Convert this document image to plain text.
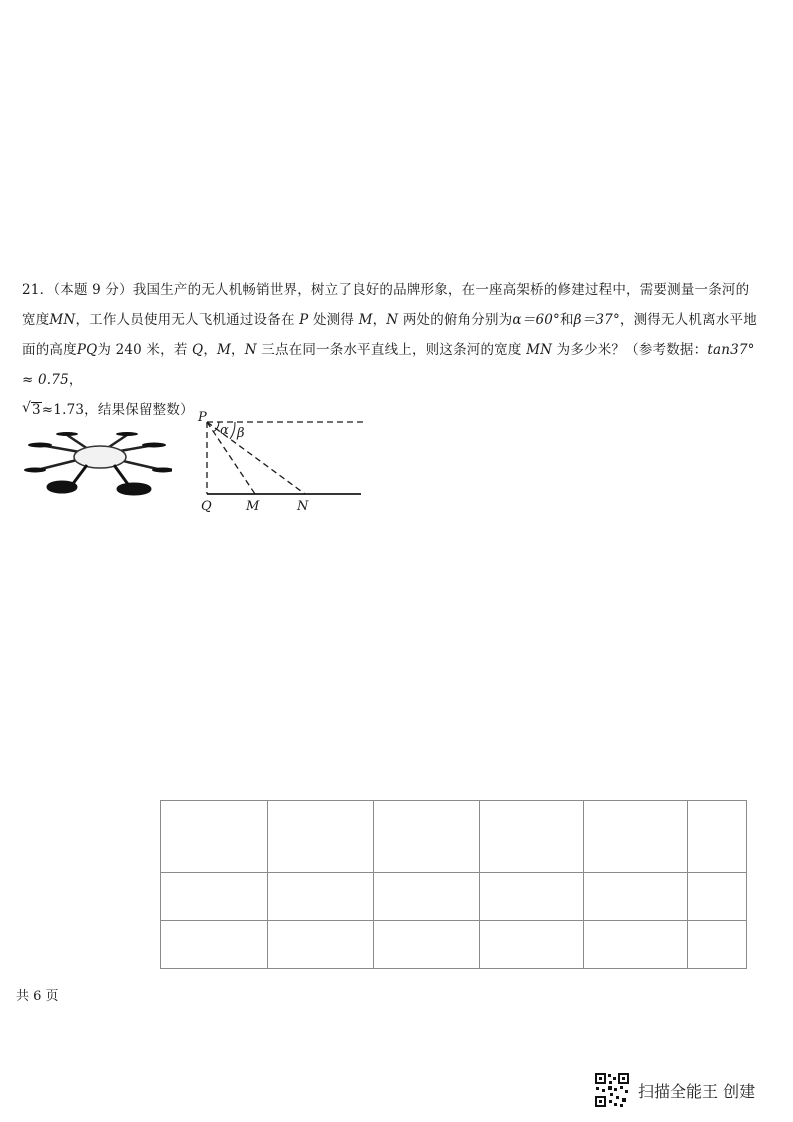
21．（本题 9 分）我国生产的无人机畅销世界，树立了良好的品牌形象，在一座高架桥的修建过程中，需要测量一条河的
宽度MN，工作人员使用无人飞机通过设备在 P 处测得 M，N 两处的俯角分别为α＝60°和β＝37°，测得无人机离水平地
面的高度PQ为 240 米，若 Q，M，N 三点在同一条水平直线上，则这条河的宽度 MN 为多少米？（参考数据：tan37° ≈ 0.75，
√ 3≈1.73，结果保留整数） P
α β
Q	M	N

共 6 页
扫描全能王 创建
